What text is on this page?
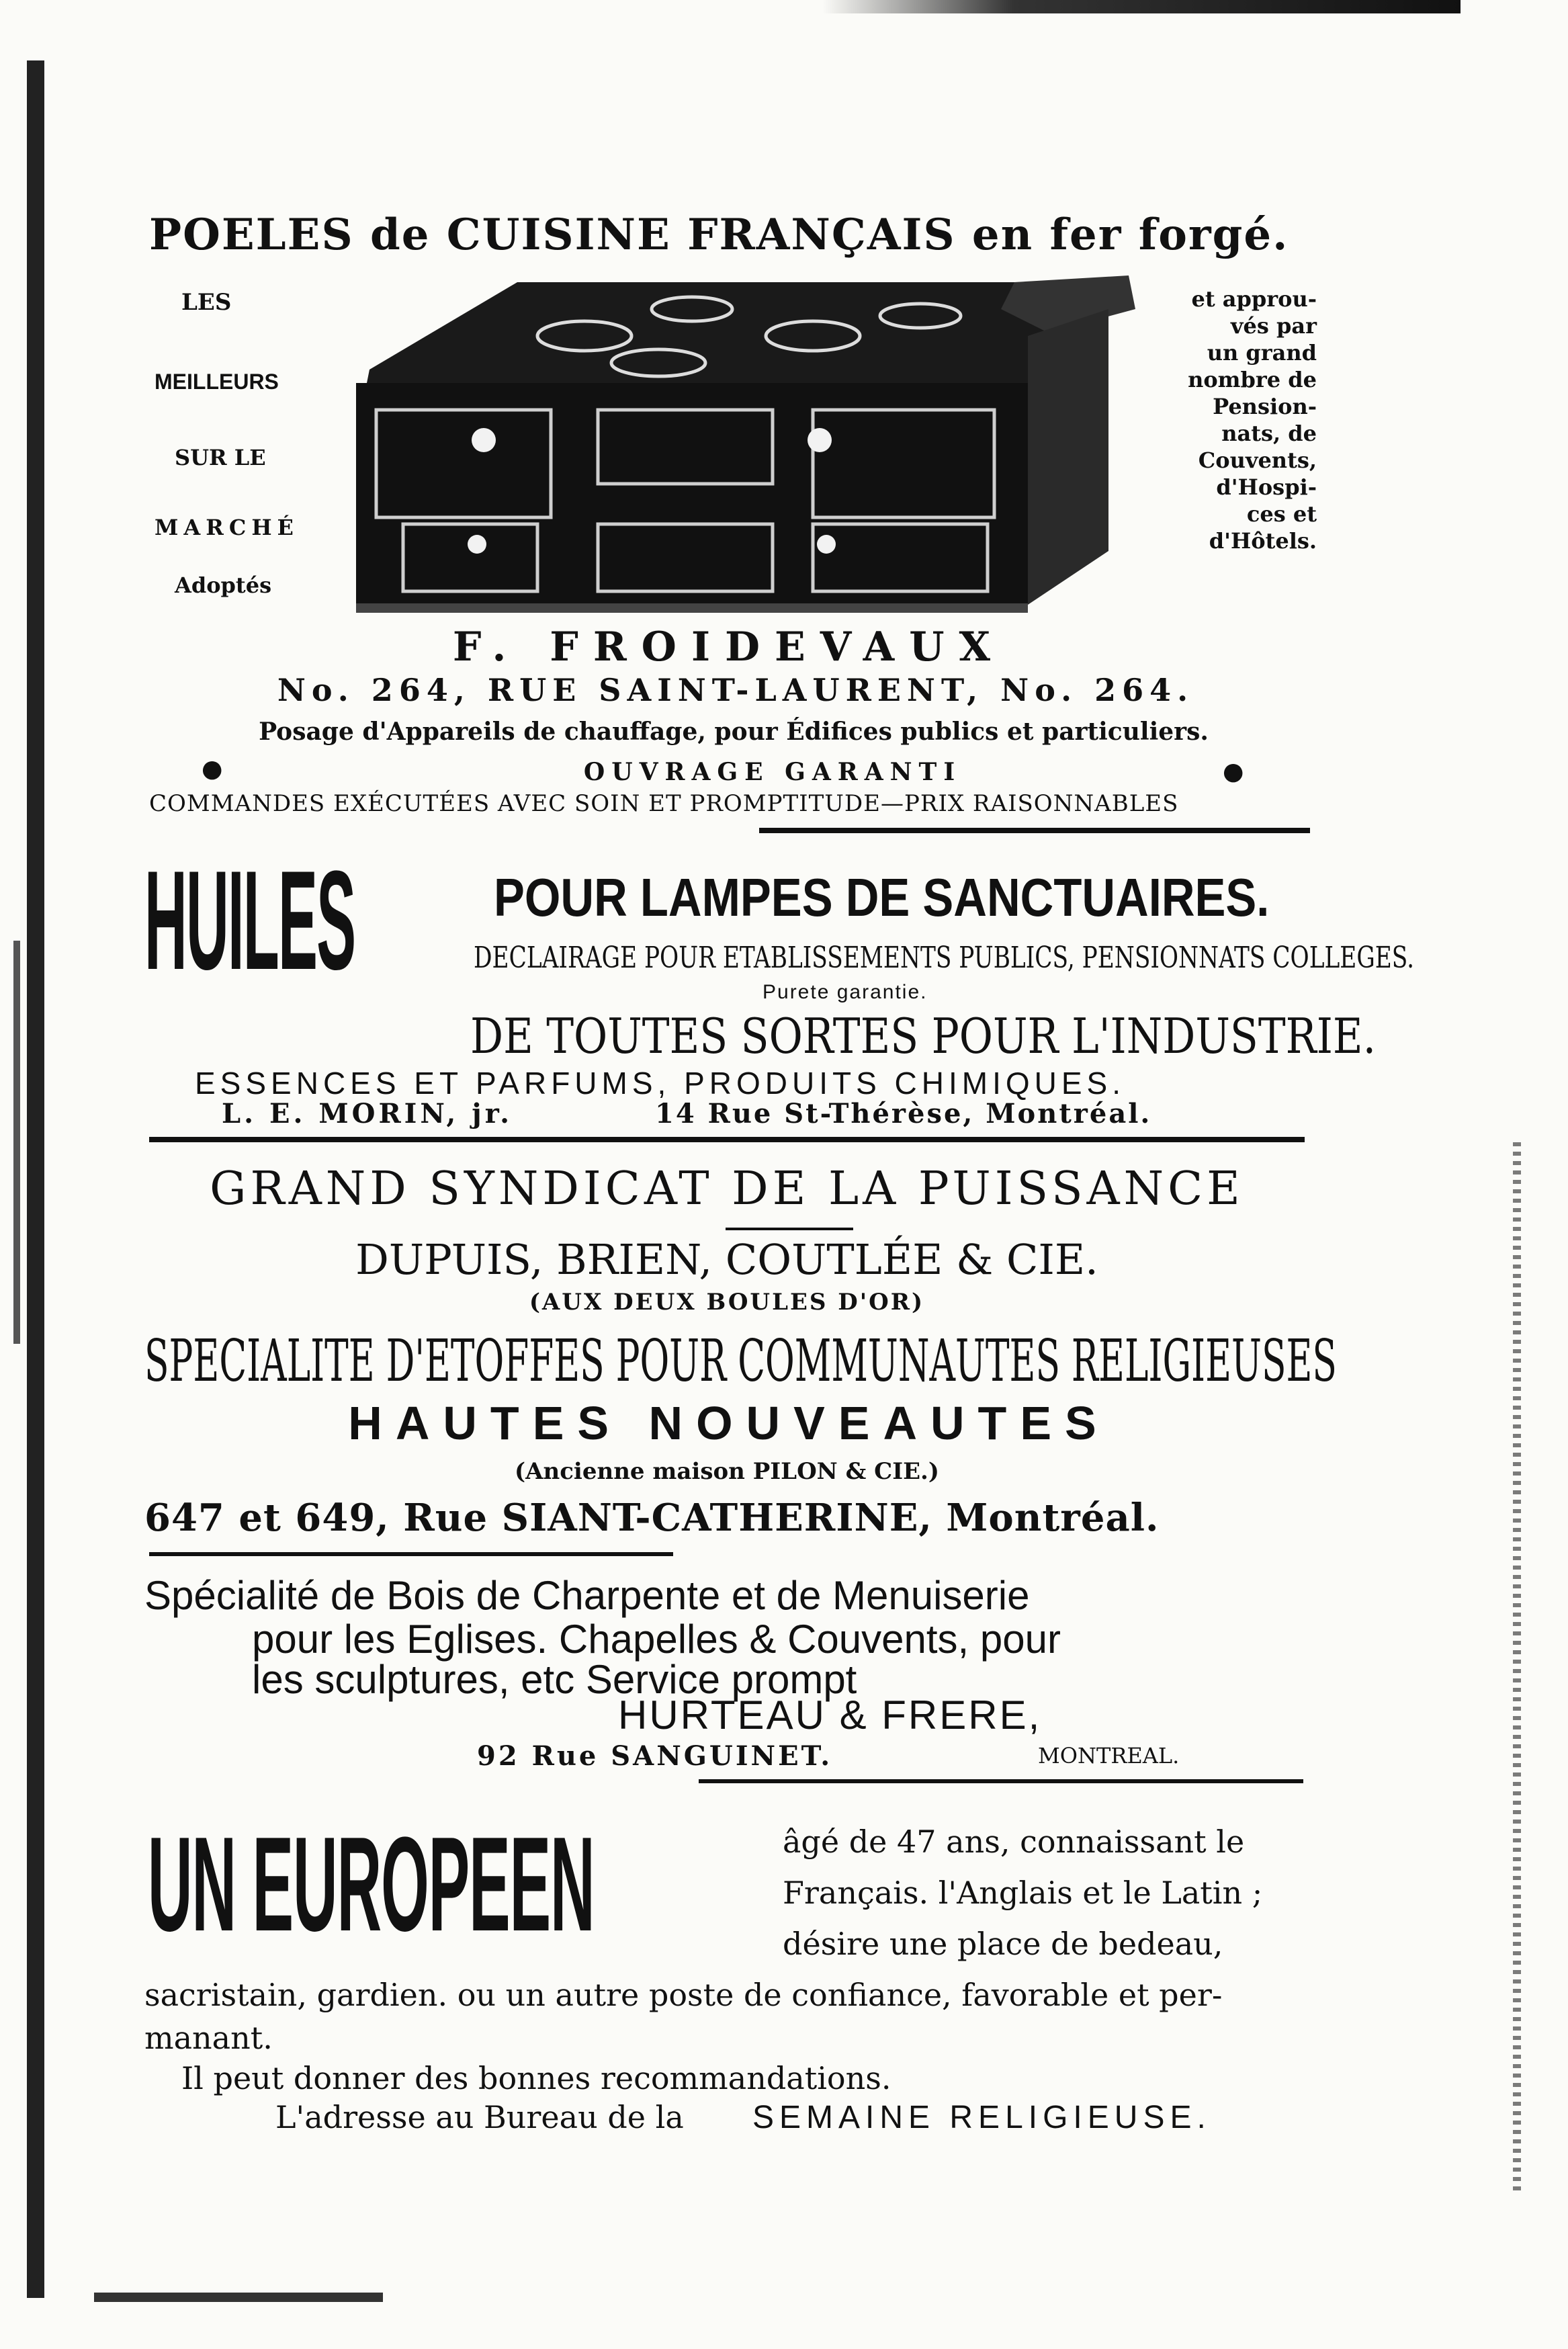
POELES de CUISINE FRANÇAIS en fer forgé.
LES
MEILLEURS
SUR LE
MARCHÉ
Adoptés
et approu-
vés par
un grand
nombre de
Pension-
nats, de
Couvents,
d'Hospi-
ces et
d'Hôtels.
F. FROIDEVAUX
No. 264, RUE SAINT-LAURENT, No. 264.
Posage d'Appareils de chauffage, pour Édifices publics et particuliers.
OUVRAGE GARANTI
●	●
COMMANDES EXÉCUTÉES AVEC SOIN ET PROMPTITUDE—PRIX RAISONNABLES
HUILES	POUR LAMPES DE SANCTUAIRES.
DECLAIRAGE POUR ETABLISSEMENTS PUBLICS, PENSIONNATS COLLEGES.
Purete garantie.
DE TOUTES SORTES POUR L'INDUSTRIE.
ESSENCES ET PARFUMS, PRODUITS CHIMIQUES.
L. E. MORIN, jr.	14 Rue St-Thérèse, Montréal.
GRAND SYNDICAT DE LA PUISSANCE
DUPUIS, BRIEN, COUTLÉE & CIE.
(AUX DEUX BOULES D'OR)
SPECIALITE D'ETOFFES POUR COMMUNAUTES RELIGIEUSES
HAUTES NOUVEAUTES
(Ancienne maison PILON & CIE.)
647 et 649, Rue SIANT-CATHERINE, Montréal.
Spécialité de Bois de Charpente et de Menuiserie
pour les Eglises. Chapelles & Couvents, pour
les sculptures, etc Service prompt
HURTEAU & FRERE,
92 Rue SANGUINET.	MONTREAL.
UN EUROPEEN	âgé de 47 ans, connaissant le
Français. l'Anglais et le Latin ;
désire une place de bedeau,
sacristain, gardien. ou un autre poste de confiance, favorable et per-
manant.
Il peut donner des bonnes recommandations.
L'adresse au Bureau de la SEMAINE RELIGIEUSE.
